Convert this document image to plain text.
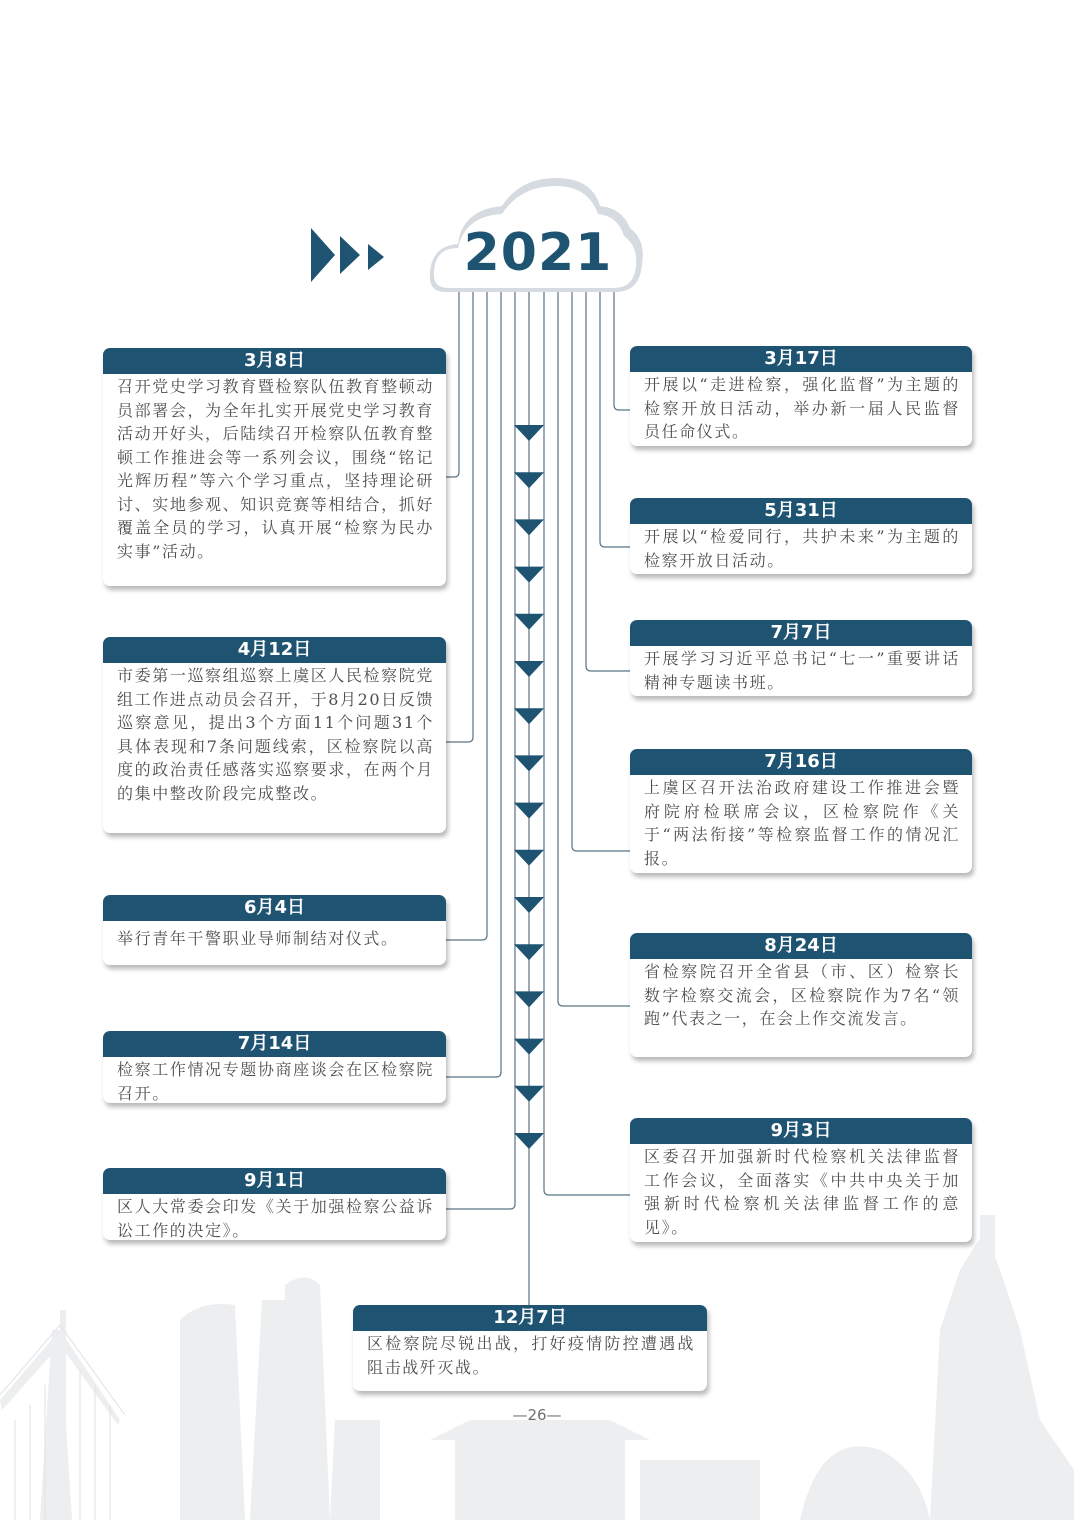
2021
3月8日
召开党史学习教育暨检察队伍教育整顿动员部署会，为全年扎实开展党史学习教育活动开好头，后陆续召开检察队伍教育整顿工作推进会等一系列会议，围绕“铭记光辉历程”等六个学习重点，坚持理论研讨、实地参观、知识竞赛等相结合，抓好覆盖全员的学习，认真开展“检察为民办实事”活动。
4月12日
市委第一巡察组巡察上虞区人民检察院党组工作进点动员会召开，于8月20日反馈巡察意见，提出3个方面11个问题31个具体表现和7条问题线索，区检察院以高度的政治责任感落实巡察要求，在两个月的集中整改阶段完成整改。
6月4日
举行青年干警职业导师制结对仪式。
7月14日
检察工作情况专题协商座谈会在区检察院召开。
9月1日
区人大常委会印发《关于加强检察公益诉讼工作的决定》。
3月17日
开展以“走进检察，强化监督”为主题的检察开放日活动，举办新一届人民监督员任命仪式。
5月31日
开展以“检爱同行，共护未来”为主题的检察开放日活动。
7月7日
开展学习习近平总书记“七一”重要讲话精神专题读书班。
7月16日
上虞区召开法治政府建设工作推进会暨府院府检联席会议，区检察院作《关于“两法衔接”等检察监督工作的情况汇报。
8月24日
省检察院召开全省县（市、区）检察长数字检察交流会，区检察院作为7名“领跑”代表之一，在会上作交流发言。
9月3日
区委召开加强新时代检察机关法律监督工作会议，全面落实《中共中央关于加强新时代检察机关法律监督工作的意见》。
12月7日
区检察院尽锐出战，打好疫情防控遭遇战阻击战歼灭战。
—26—
